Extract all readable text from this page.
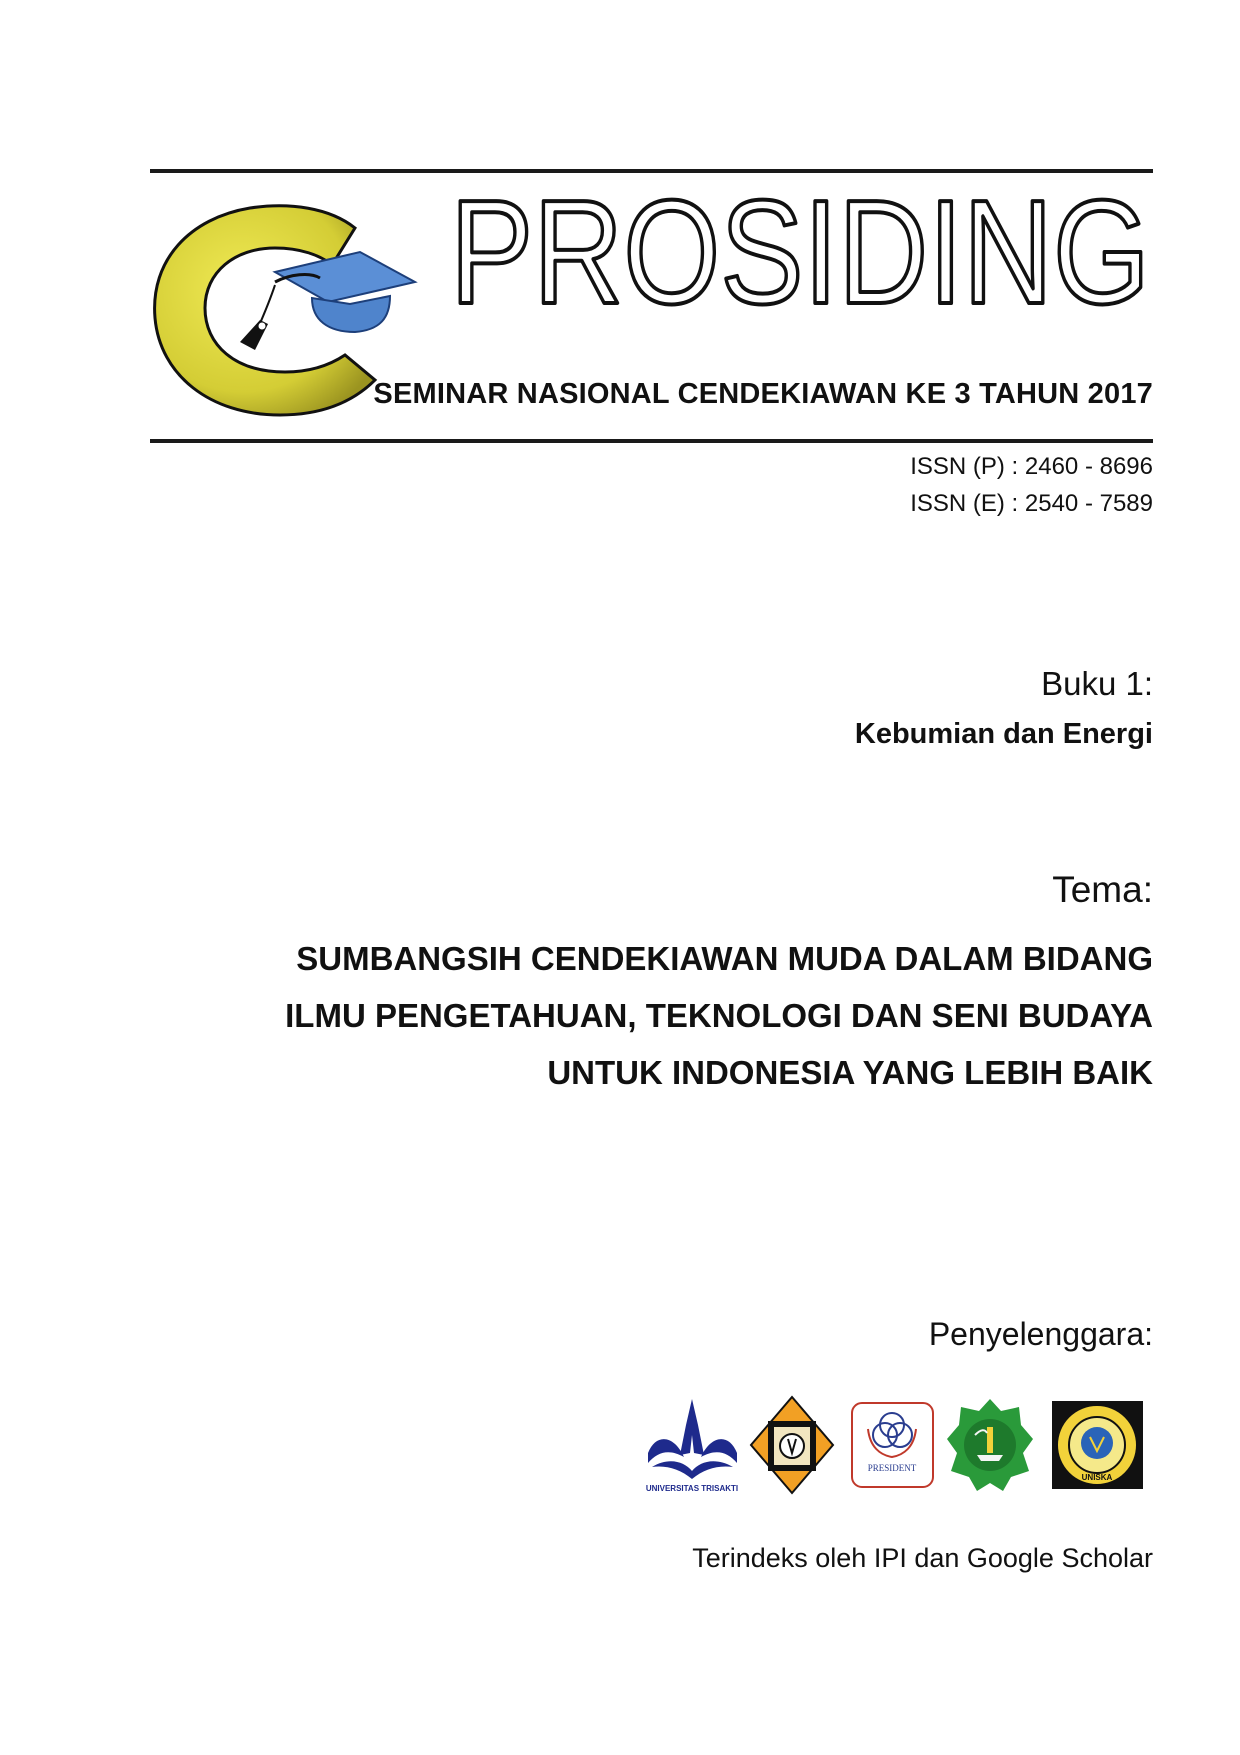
PROSIDING
SEMINAR NASIONAL CENDEKIAWAN KE 3 TAHUN 2017
ISSN (P) : 2460 - 8696
ISSN (E) : 2540 - 7589
Buku 1:
Kebumian dan Energi
Tema:
SUMBANGSIH CENDEKIAWAN MUDA DALAM BIDANG
ILMU PENGETAHUAN, TEKNOLOGI DAN SENI BUDAYA
UNTUK INDONESIA YANG LEBIH BAIK
Penyelenggara:
UNIVERSITAS TRISAKTI
PRESIDENT
UNISKA
Terindeks oleh IPI dan Google Scholar
